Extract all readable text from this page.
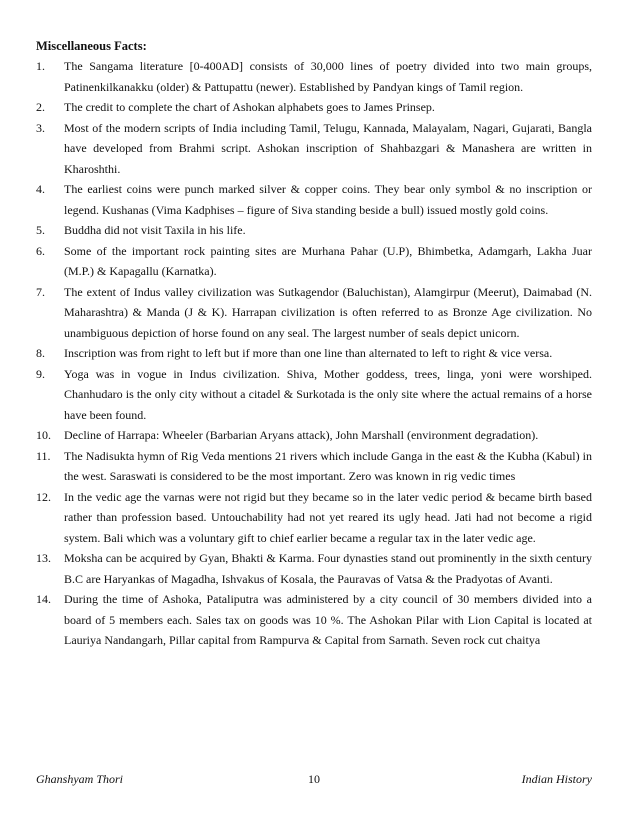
Miscellaneous Facts:
1. The Sangama literature [0-400AD] consists of 30,000 lines of poetry divided into two main groups, Patinenkilkanakku (older) & Pattupattu (newer). Established by Pandyan kings of Tamil region.
2. The credit to complete the chart of Ashokan alphabets goes to James Prinsep.
3. Most of the modern scripts of India including Tamil, Telugu, Kannada, Malayalam, Nagari, Gujarati, Bangla have developed from Brahmi script. Ashokan inscription of Shahbazgari & Manashera are written in Kharoshthi.
4. The earliest coins were punch marked silver & copper coins. They bear only symbol & no inscription or legend. Kushanas (Vima Kadphises – figure of Siva standing beside a bull) issued mostly gold coins.
5. Buddha did not visit Taxila in his life.
6. Some of the important rock painting sites are Murhana Pahar (U.P), Bhimbetka, Adamgarh, Lakha Juar (M.P.) & Kapagallu (Karnatka).
7. The extent of Indus valley civilization was Sutkagendor (Baluchistan), Alamgirpur (Meerut), Daimabad (N. Maharashtra) & Manda (J & K). Harrapan civilization is often referred to as Bronze Age civilization. No unambiguous depiction of horse found on any seal. The largest number of seals depict unicorn.
8. Inscription was from right to left but if more than one line than alternated to left to right & vice versa.
9. Yoga was in vogue in Indus civilization. Shiva, Mother goddess, trees, linga, yoni were worshiped. Chanhudaro is the only city without a citadel & Surkotada is the only site where the actual remains of a horse have been found.
10. Decline of Harrapa: Wheeler (Barbarian Aryans attack), John Marshall (environment degradation).
11. The Nadisukta hymn of Rig Veda mentions 21 rivers which include Ganga in the east & the Kubha (Kabul) in the west. Saraswati is considered to be the most important. Zero was known in rig vedic times
12. In the vedic age the varnas were not rigid but they became so in the later vedic period & became birth based rather than profession based. Untouchability had not yet reared its ugly head. Jati had not become a rigid system. Bali which was a voluntary gift to chief earlier became a regular tax in the later vedic age.
13. Moksha can be acquired by Gyan, Bhakti & Karma. Four dynasties stand out prominently in the sixth century B.C are Haryankas of Magadha, Ishvakus of Kosala, the Pauravas of Vatsa & the Pradyotas of Avanti.
14. During the time of Ashoka, Pataliputra was administered by a city council of 30 members divided into a board of 5 members each. Sales tax on goods was 10 %. The Ashokan Pilar with Lion Capital is located at Lauriya Nandangarh, Pillar capital from Rampurva & Capital from Sarnath. Seven rock cut chaitya
Ghanshyam Thori	10	Indian History
